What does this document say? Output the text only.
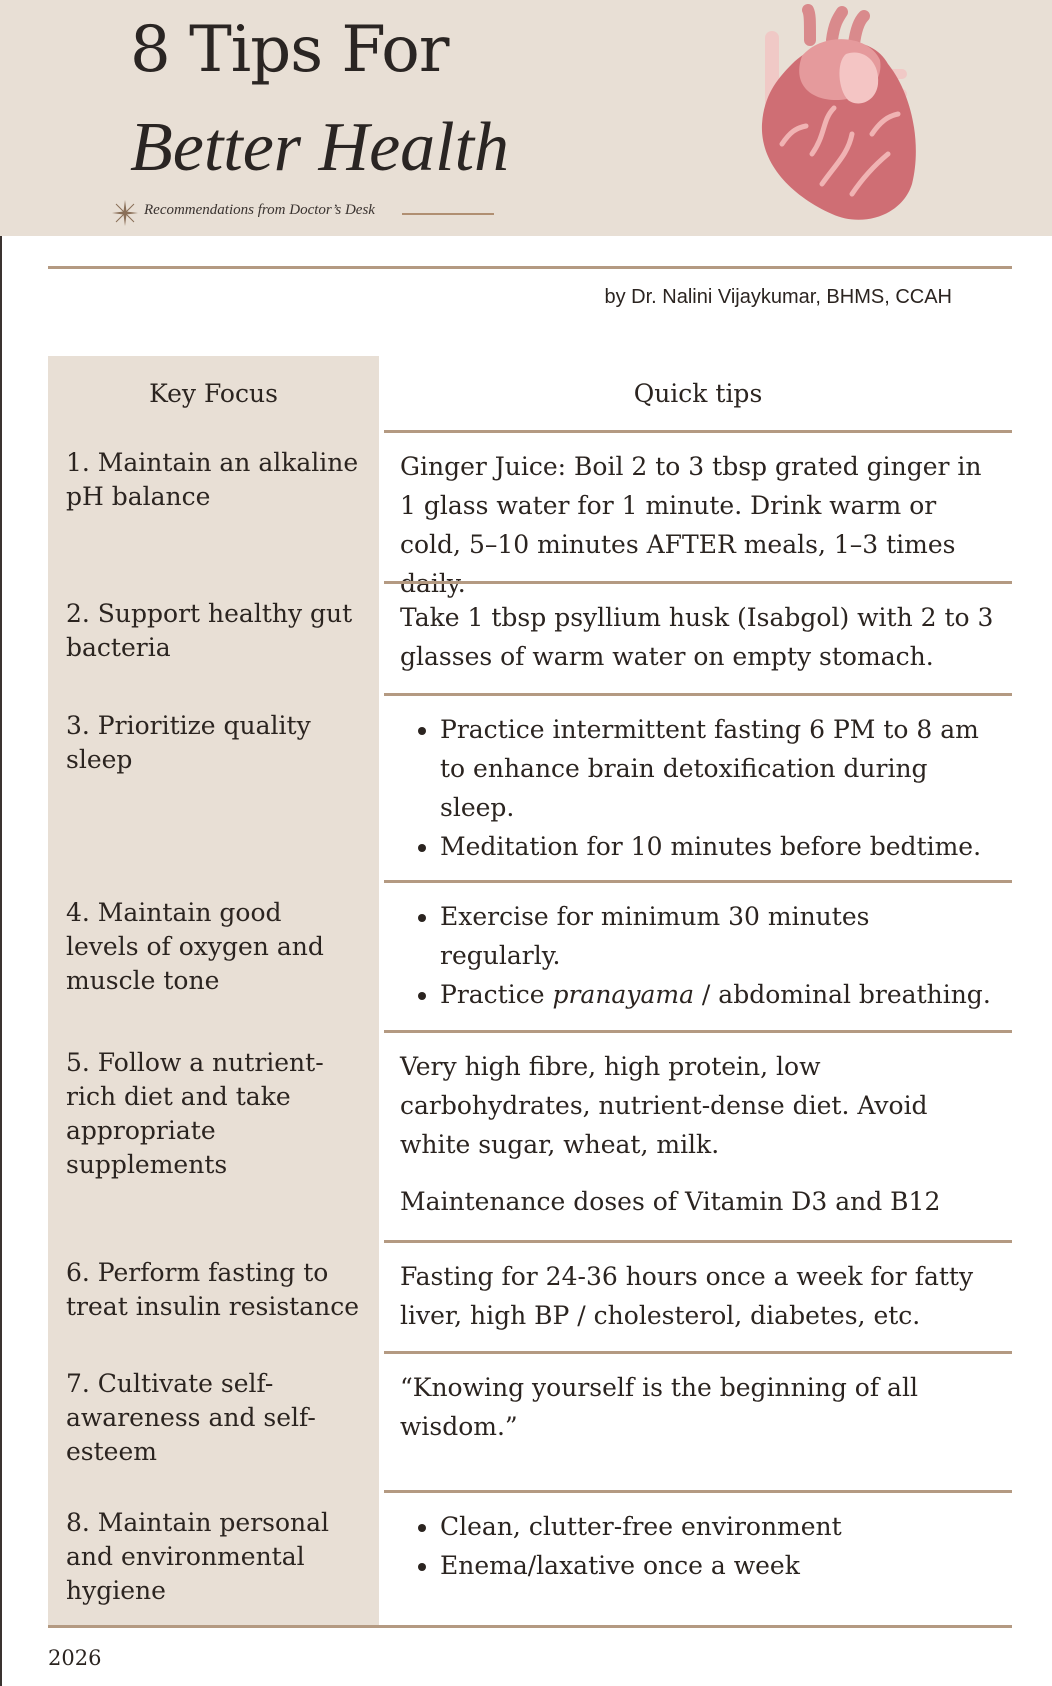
8 Tips For
Better Health
Recommendations from Doctor’s Desk
by Dr. Nalini Vijaykumar, BHMS, CCAH
Key Focus	Quick tips
1. Maintain an alkaline pH balance
Ginger Juice: Boil 2 to 3 tbsp grated ginger in 1 glass water for 1 minute. Drink warm or cold, 5–10 minutes AFTER meals, 1–3 times daily.
2. Support healthy gut bacteria
Take 1 tbsp psyllium husk (Isabgol) with 2 to 3 glasses of warm water on empty stomach.
3. Prioritize quality sleep
• Practice intermittent fasting 6 PM to 8 am to enhance brain detoxification during sleep.
• Meditation for 10 minutes before bedtime.
4. Maintain good levels of oxygen and muscle tone
• Exercise for minimum 30 minutes regularly.
• Practice pranayama / abdominal breathing.
5. Follow a nutrient-rich diet and take appropriate supplements
Very high fibre, high protein, low carbohydrates, nutrient-dense diet. Avoid white sugar, wheat, milk.
Maintenance doses of Vitamin D3 and B12
6. Perform fasting to treat insulin resistance
Fasting for 24-36 hours once a week for fatty liver, high BP / cholesterol, diabetes, etc.
7. Cultivate self-awareness and self-esteem
“Knowing yourself is the beginning of all wisdom.”
8. Maintain personal and environmental hygiene
• Clean, clutter-free environment
• Enema/laxative once a week
2026
